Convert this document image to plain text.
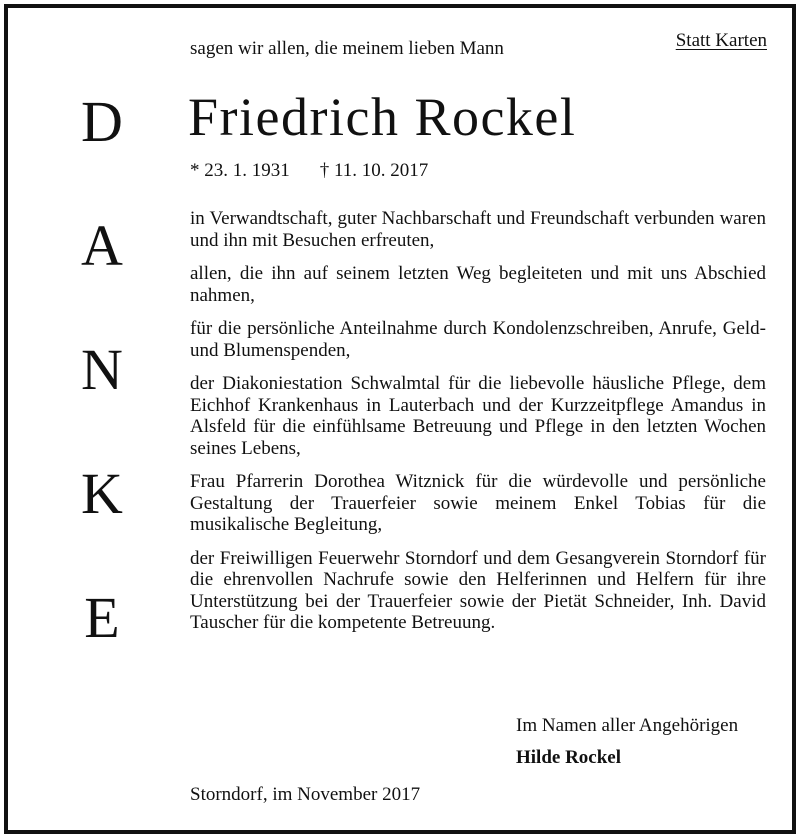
Statt Karten
sagen wir allen, die meinem lieben Mann
Friedrich Rockel
* 23. 1. 1931 † 11. 10. 2017
D
A
N
K
E

in Verwandtschaft, guter Nachbarschaft und Freundschaft verbunden waren und ihn mit Besuchen erfreuten,

allen, die ihn auf seinem letzten Weg begleiteten und mit uns Abschied nahmen,

für die persönliche Anteilnahme durch Kondolenzschreiben, Anrufe, Geld- und Blumenspenden,

der Diakoniestation Schwalmtal für die liebevolle häusliche Pflege, dem Eichhof Krankenhaus in Lauterbach und der Kurzzeitpflege Amandus in Alsfeld für die einfühlsame Betreuung und Pflege in den letzten Wochen seines Lebens,

Frau Pfarrerin Dorothea Witznick für die würdevolle und persönliche Gestaltung der Trauerfeier sowie meinem Enkel Tobias für die musikalische Begleitung,

der Freiwilligen Feuerwehr Storndorf und dem Gesangverein Storndorf für die ehrenvollen Nachrufe sowie den Helferinnen und Helfern für ihre Unterstützung bei der Trauerfeier sowie der Pietät Schneider, Inh. David Tauscher für die kompetente Betreuung.

Im Namen aller Angehörigen
Hilde Rockel
Storndorf, im November 2017
